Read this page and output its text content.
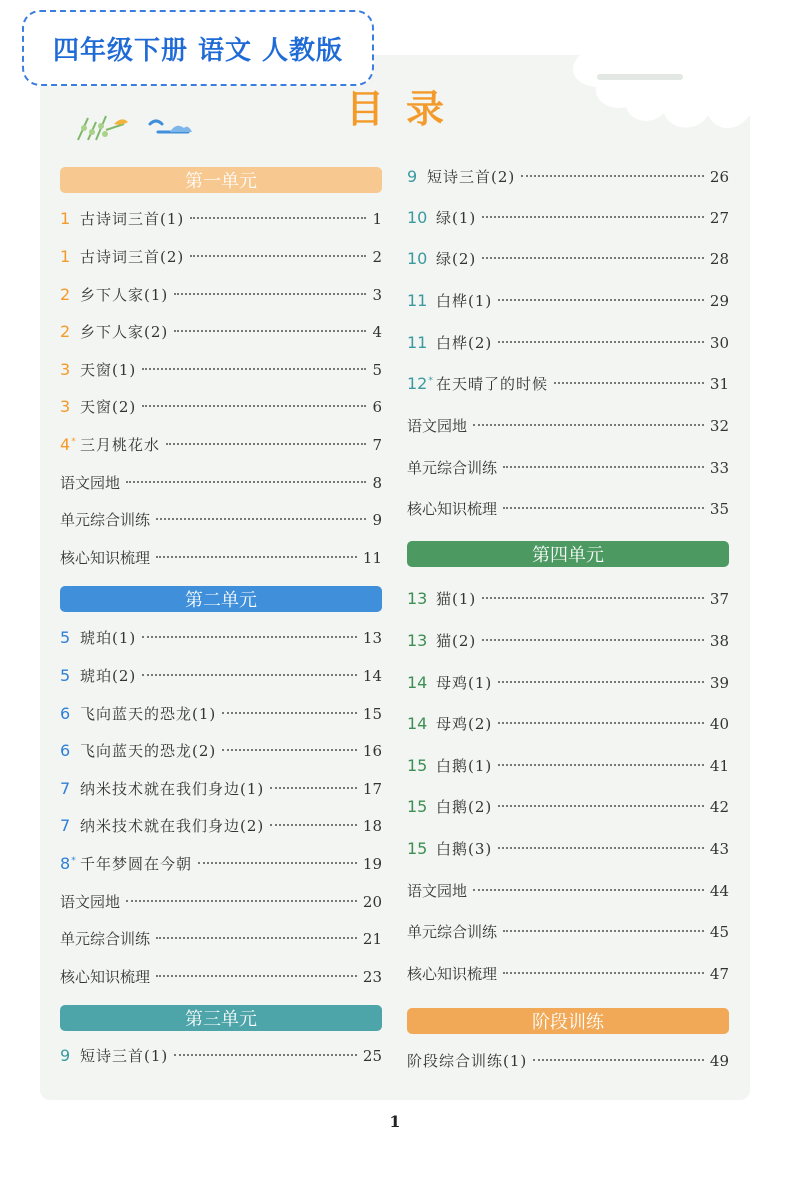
四年级下册 语文 人教版
目录
第一单元
1 古诗词三首(1)	1
1 古诗词三首(2)	2
2 乡下人家(1)	3
2 乡下人家(2)	4
3 天窗(1)	5
3 天窗(2)	6
4* 三月桃花水	7
语文园地	8
单元综合训练	9
核心知识梳理	11
第二单元
5 琥珀(1)	13
5 琥珀(2)	14
6 飞向蓝天的恐龙(1)	15
6 飞向蓝天的恐龙(2)	16
7 纳米技术就在我们身边(1)	17
7 纳米技术就在我们身边(2)	18
8* 千年梦圆在今朝	19
语文园地	20
单元综合训练	21
核心知识梳理	23
第三单元
9 短诗三首(1)	25
9 短诗三首(2)	26
10 绿(1)	27
10 绿(2)	28
11 白桦(1)	29
11 白桦(2)	30
12* 在天晴了的时候	31
语文园地	32
单元综合训练	33
核心知识梳理	35
第四单元
13 猫(1)	37
13 猫(2)	38
14 母鸡(1)	39
14 母鸡(2)	40
15 白鹅(1)	41
15 白鹅(2)	42
15 白鹅(3)	43
语文园地	44
单元综合训练	45
核心知识梳理	47
阶段训练
阶段综合训练(1)	49
1
